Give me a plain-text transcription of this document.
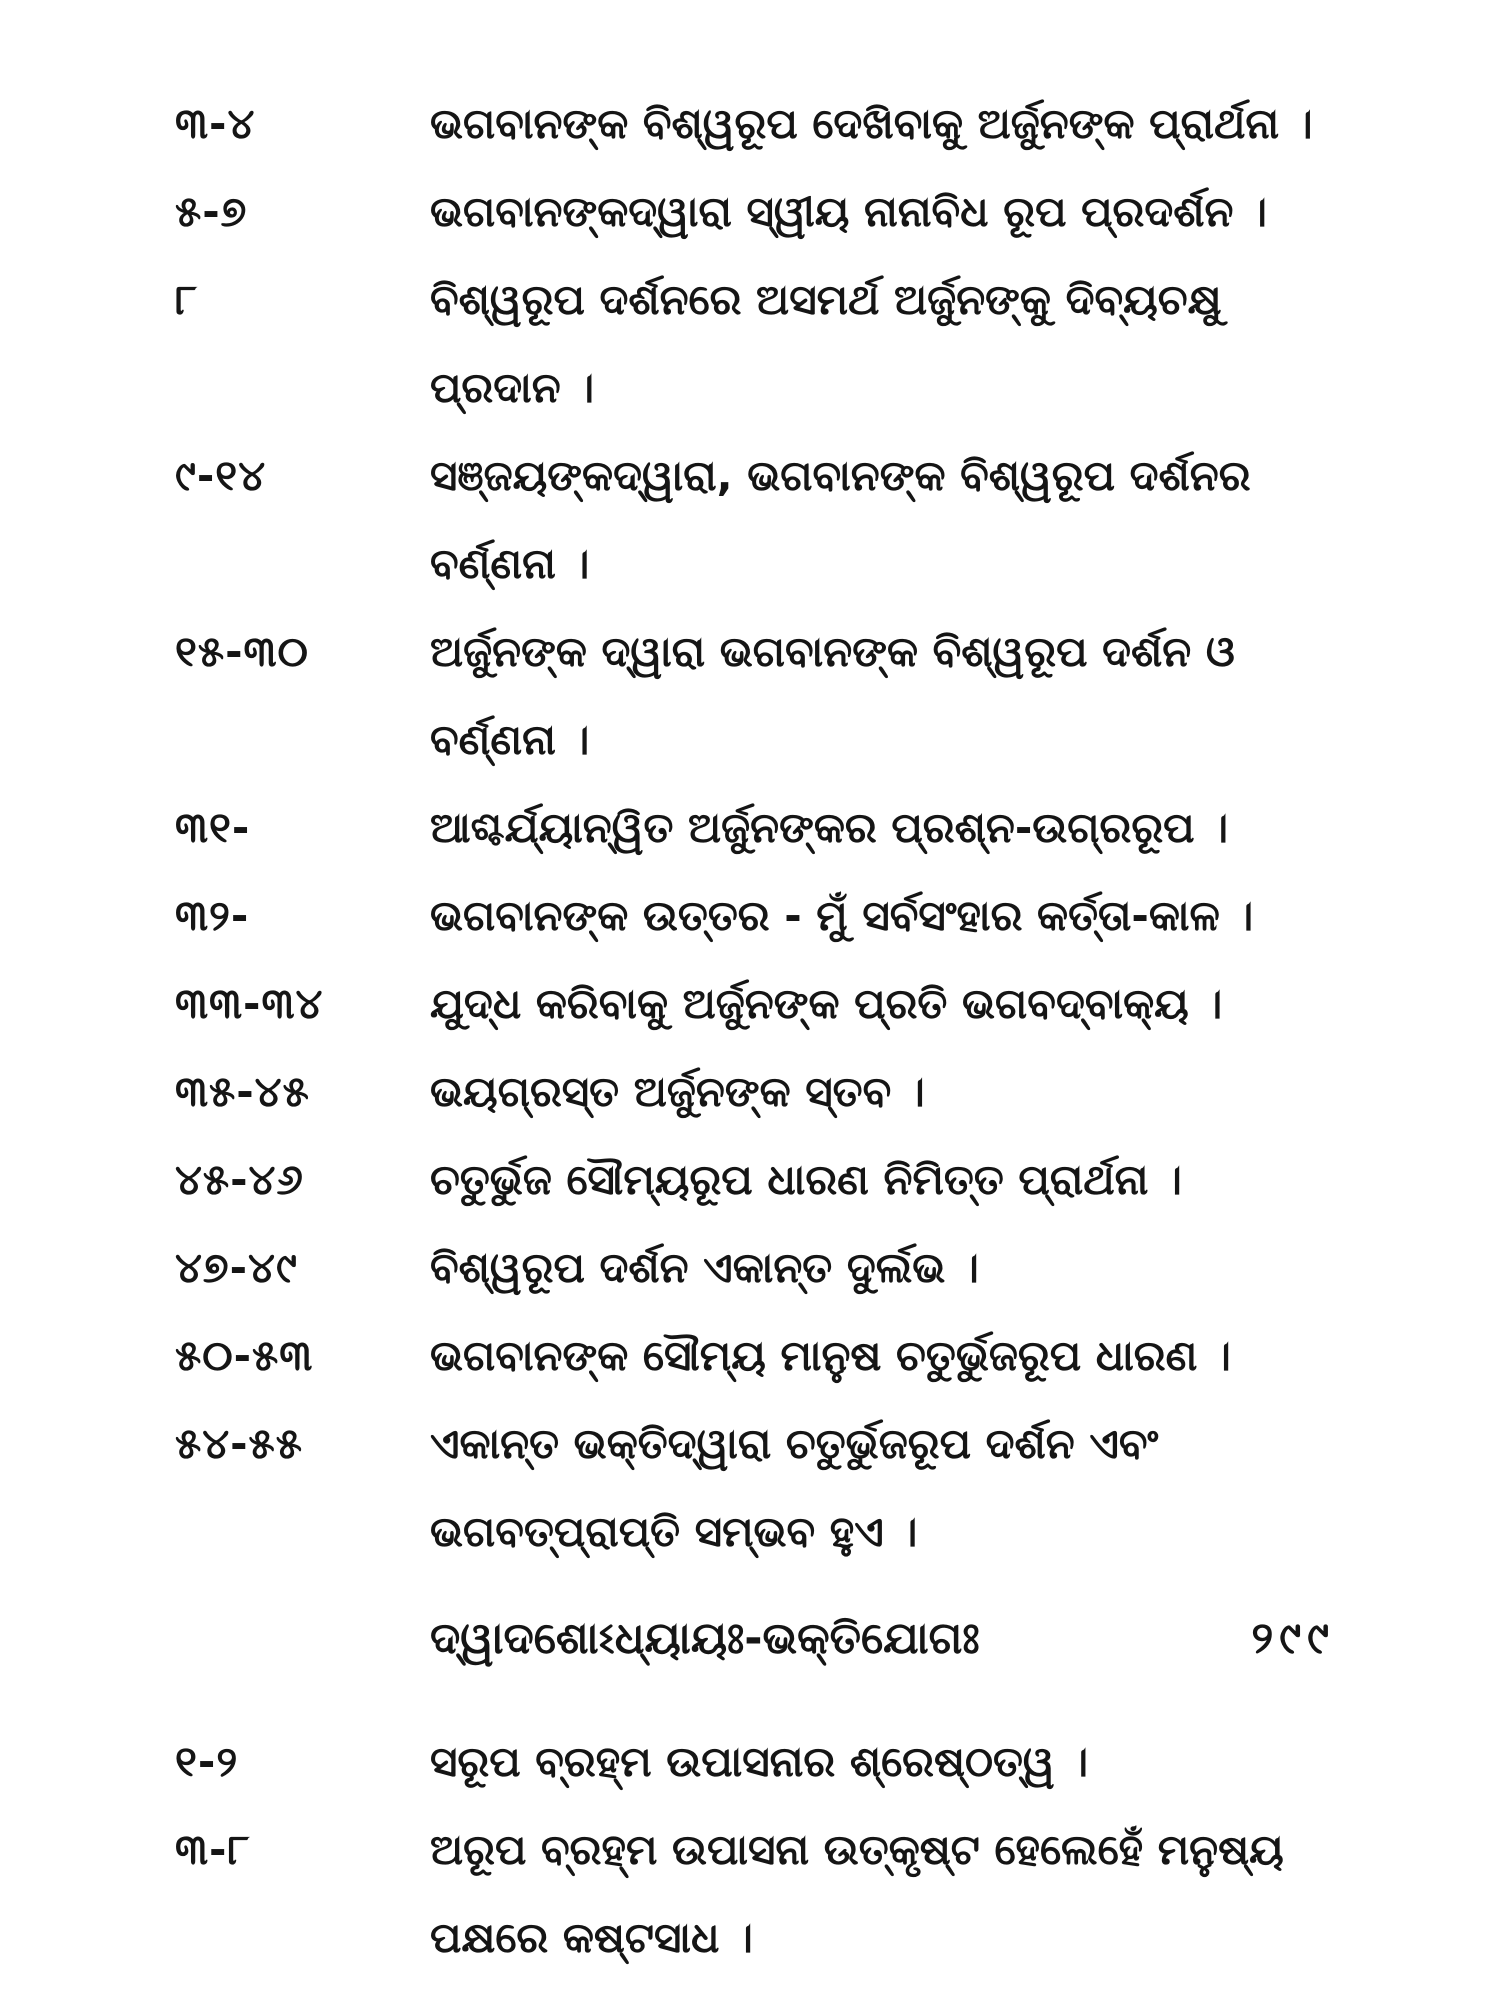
୩-୪	ଭଗବାନଙ୍କ ବିଶ୍ୱରୂପ ଦେଖିବାକୁ ଅର୍ଜୁନଙ୍କ ପ୍ରାର୍ଥନା ।
୫-୭	ଭଗବାନଙ୍କଦ୍ୱାରା ସ୍ୱୀୟ ନାନାବିଧ ରୂପ ପ୍ରଦର୍ଶନ ।
୮	ବିଶ୍ୱରୂପ ଦର୍ଶନରେ ଅସମର୍ଥ ଅର୍ଜୁନଙ୍କୁ ଦିବ୍ୟଚକ୍ଷୁ ପ୍ରଦାନ ।
୯-୧୪	ସଞ୍ଜୟଙ୍କଦ୍ୱାରା, ଭଗବାନଙ୍କ ବିଶ୍ୱରୂପ ଦର୍ଶନର ବର୍ଣ୍ଣନା ।
୧୫-୩୦	ଅର୍ଜୁନଙ୍କ ଦ୍ୱାରା ଭଗବାନଙ୍କ ବିଶ୍ୱରୂପ ଦର୍ଶନ ଓ ବର୍ଣ୍ଣନା ।
୩୧-	ଆଶ୍ଚର୍ଯ୍ୟାନ୍ୱିତ ଅର୍ଜୁନଙ୍କର ପ୍ରଶ୍ନ-ଉଗ୍ରରୂପ ।
୩୨-	ଭଗବାନଙ୍କ ଉତ୍ତର - ମୁଁ ସର୍ବସଂହାର କର୍ତ୍ତା-କାଳ ।
୩୩-୩୪	ଯୁଦ୍ଧ କରିବାକୁ ଅର୍ଜୁନଙ୍କ ପ୍ରତି ଭଗବଦ୍‌ବାକ୍ୟ ।
୩୫-୪୫	ଭୟଗ୍ରସ୍ତ ଅର୍ଜୁନଙ୍କ ସ୍ତବ ।
୪୫-୪୬	ଚତୁର୍ଭୁଜ ସୌମ୍ୟରୂପ ଧାରଣ ନିମିତ୍ତ ପ୍ରାର୍ଥନା ।
୪୭-୪୯	ବିଶ୍ୱରୂପ ଦର୍ଶନ ଏକାନ୍ତ ଦୁର୍ଲଭ ।
୫୦-୫୩	ଭଗବାନଙ୍କ ସୌମ୍ୟ ମାନୁଷ ଚତୁର୍ଭୁଜରୂପ ଧାରଣ ।
୫୪-୫୫	ଏକାନ୍ତ ଭକ୍ତିଦ୍ୱାରା ଚତୁର୍ଭୁଜରୂପ ଦର୍ଶନ ଏବଂ ଭଗବତ୍‌ପ୍ରାପ୍ତି ସମ୍ଭବ ହୁଏ ।
ଦ୍ୱାଦଶୋଽଧ୍ୟାୟଃ-ଭକ୍ତିଯୋଗଃ	୨୯୯
୧-୨	ସରୂପ ବ୍ରହ୍ମ ଉପାସନାର ଶ୍ରେଷ୍ଠତ୍ୱ ।
୩-୮	ଅରୂପ ବ୍ରହ୍ମ ଉପାସନା ଉତ୍କୃଷ୍ଟ ହେଲେହେଁ ମନୁଷ୍ୟ ପକ୍ଷରେ କଷ୍ଟସାଧ ।
